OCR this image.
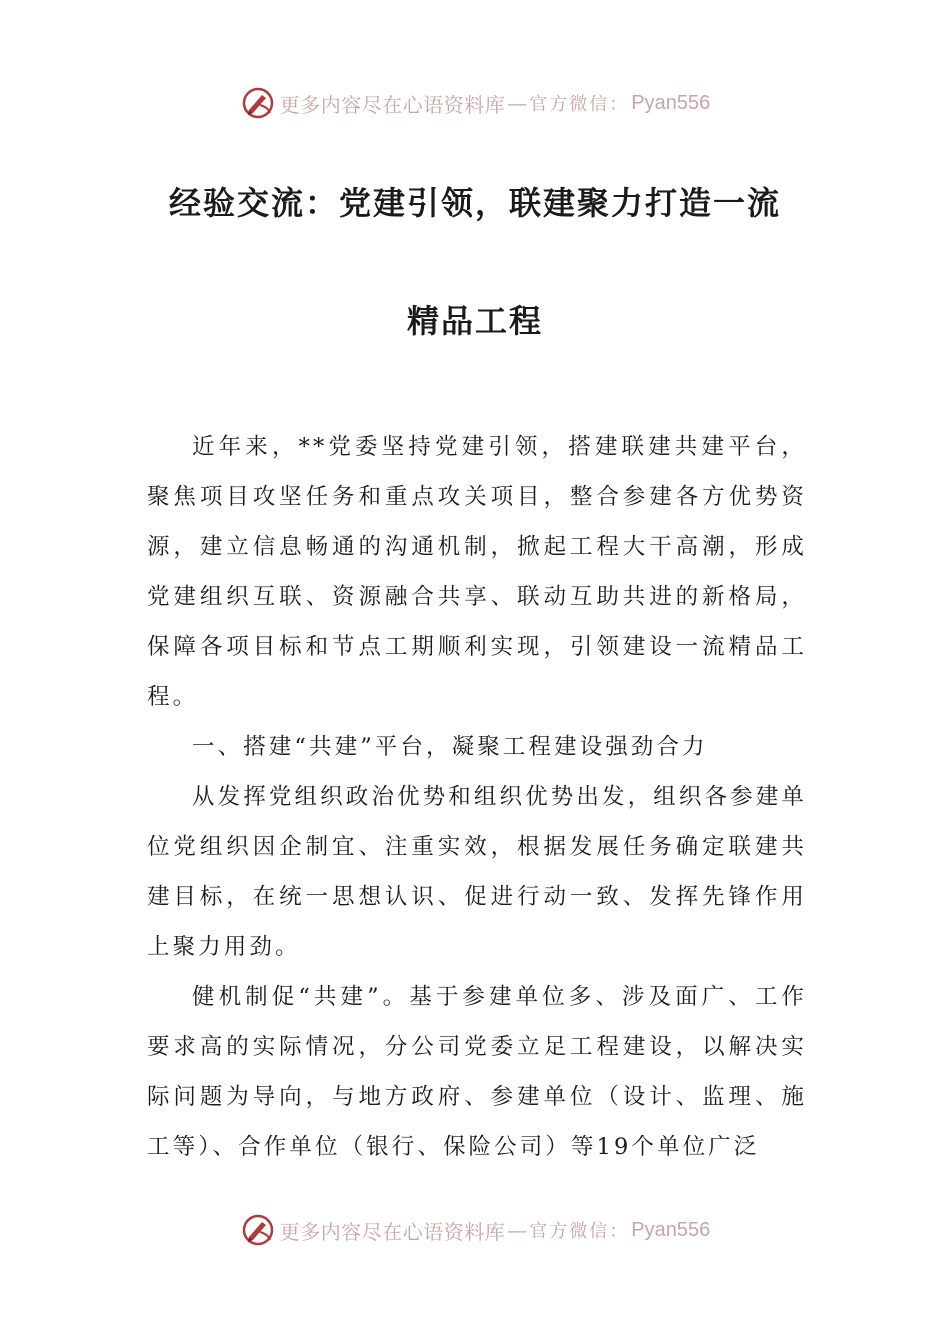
更多内容尽在心语资料库 — 官方微信： Pyan556
经验交流：党建引领，联建聚力打造一流
精品工程

近年来，**党委坚持党建引领，搭建联建共建平台，聚焦项目攻坚任务和重点攻关项目，整合参建各方优势资源，建立信息畅通的沟通机制，掀起工程大干高潮，形成党建组织互联、资源融合共享、联动互助共进的新格局，保障各项目标和节点工期顺利实现，引领建设一流精品工程。

一、搭建“共建”平台，凝聚工程建设强劲合力

从发挥党组织政治优势和组织优势出发，组织各参建单位党组织因企制宜、注重实效，根据发展任务确定联建共建目标，在统一思想认识、促进行动一致、发挥先锋作用上聚力用劲。

健机制促“共建”。基于参建单位多、涉及面广、工作要求高的实际情况，分公司党委立足工程建设，以解决实际问题为导向，与地方政府、参建单位（设计、监理、施工等）、合作单位（银行、保险公司）等19个单位广泛

更多内容尽在心语资料库 — 官方微信： Pyan556
